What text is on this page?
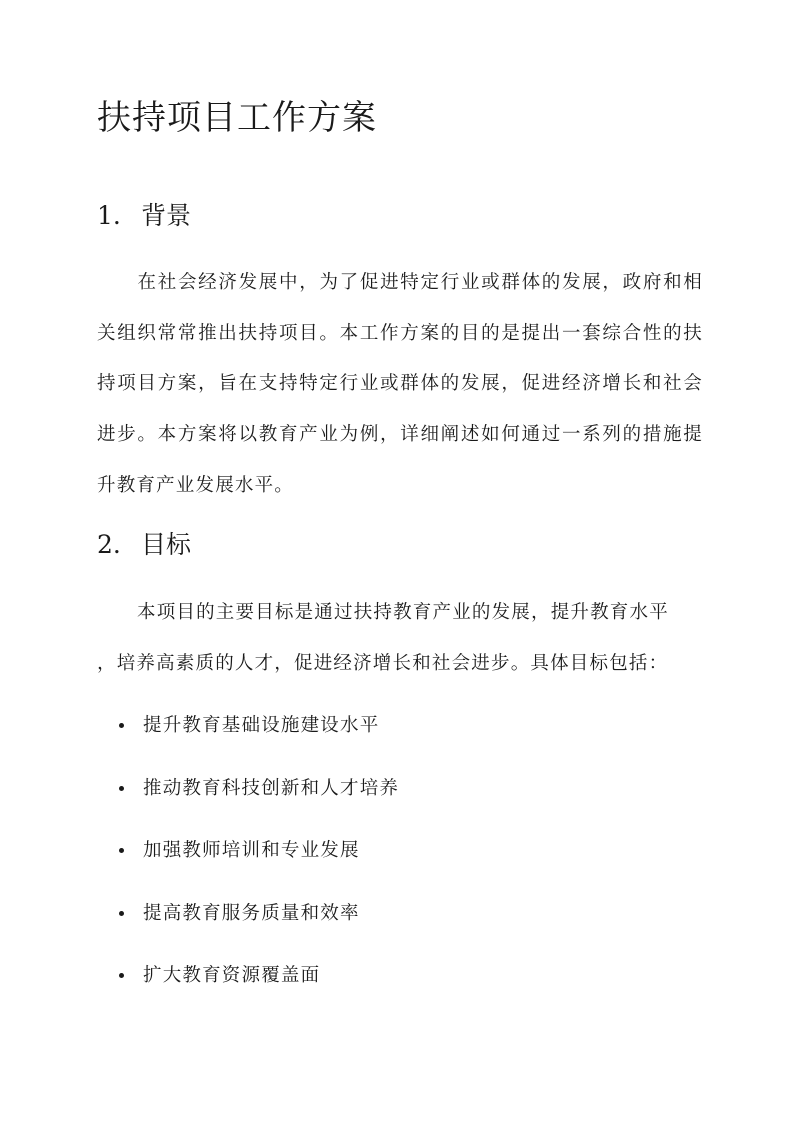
扶持项目工作方案
1. 背景

在社会经济发展中，为了促进特定行业或群体的发展，政府和相关组织常常推出扶持项目。本工作方案的目的是提出一套综合性的扶持项目方案，旨在支持特定行业或群体的发展，促进经济增长和社会进步。本方案将以教育产业为例，详细阐述如何通过一系列的措施提升教育产业发展水平。

2. 目标

本项目的主要目标是通过扶持教育产业的发展，提升教育水平

，培养高素质的人才，促进经济增长和社会进步。具体目标包括：

提升教育基础设施建设水平
推动教育科技创新和人才培养
加强教师培训和专业发展
提高教育服务质量和效率
扩大教育资源覆盖面
